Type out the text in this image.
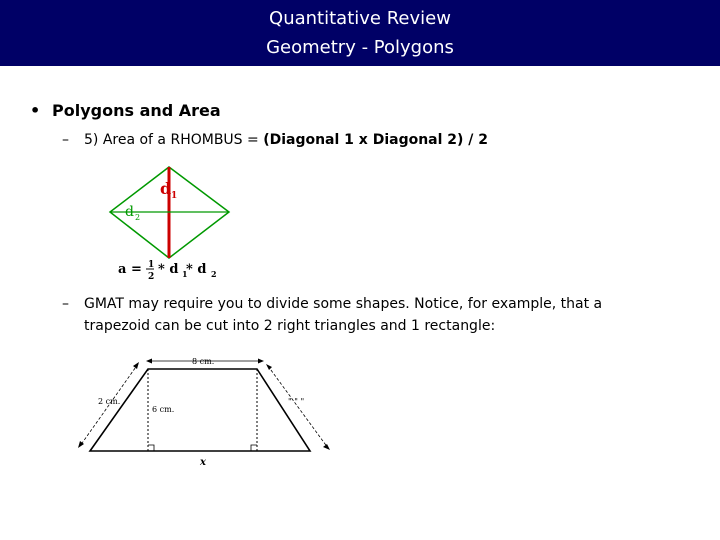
Quantitative Review
Geometry - Polygons
• Polygons and Area
– 5) Area of a RHOMBUS = (Diagonal 1 x Diagonal 2) / 2
d 1
d 2
a = 1
2 * d 1
* d 2
– GMAT may require you to divide some shapes. Notice, for example, that a trapezoid can be cut into 2 right triangles and 1 rectangle:
8 cm.
2 cm.	" " "
6 cm.
x
